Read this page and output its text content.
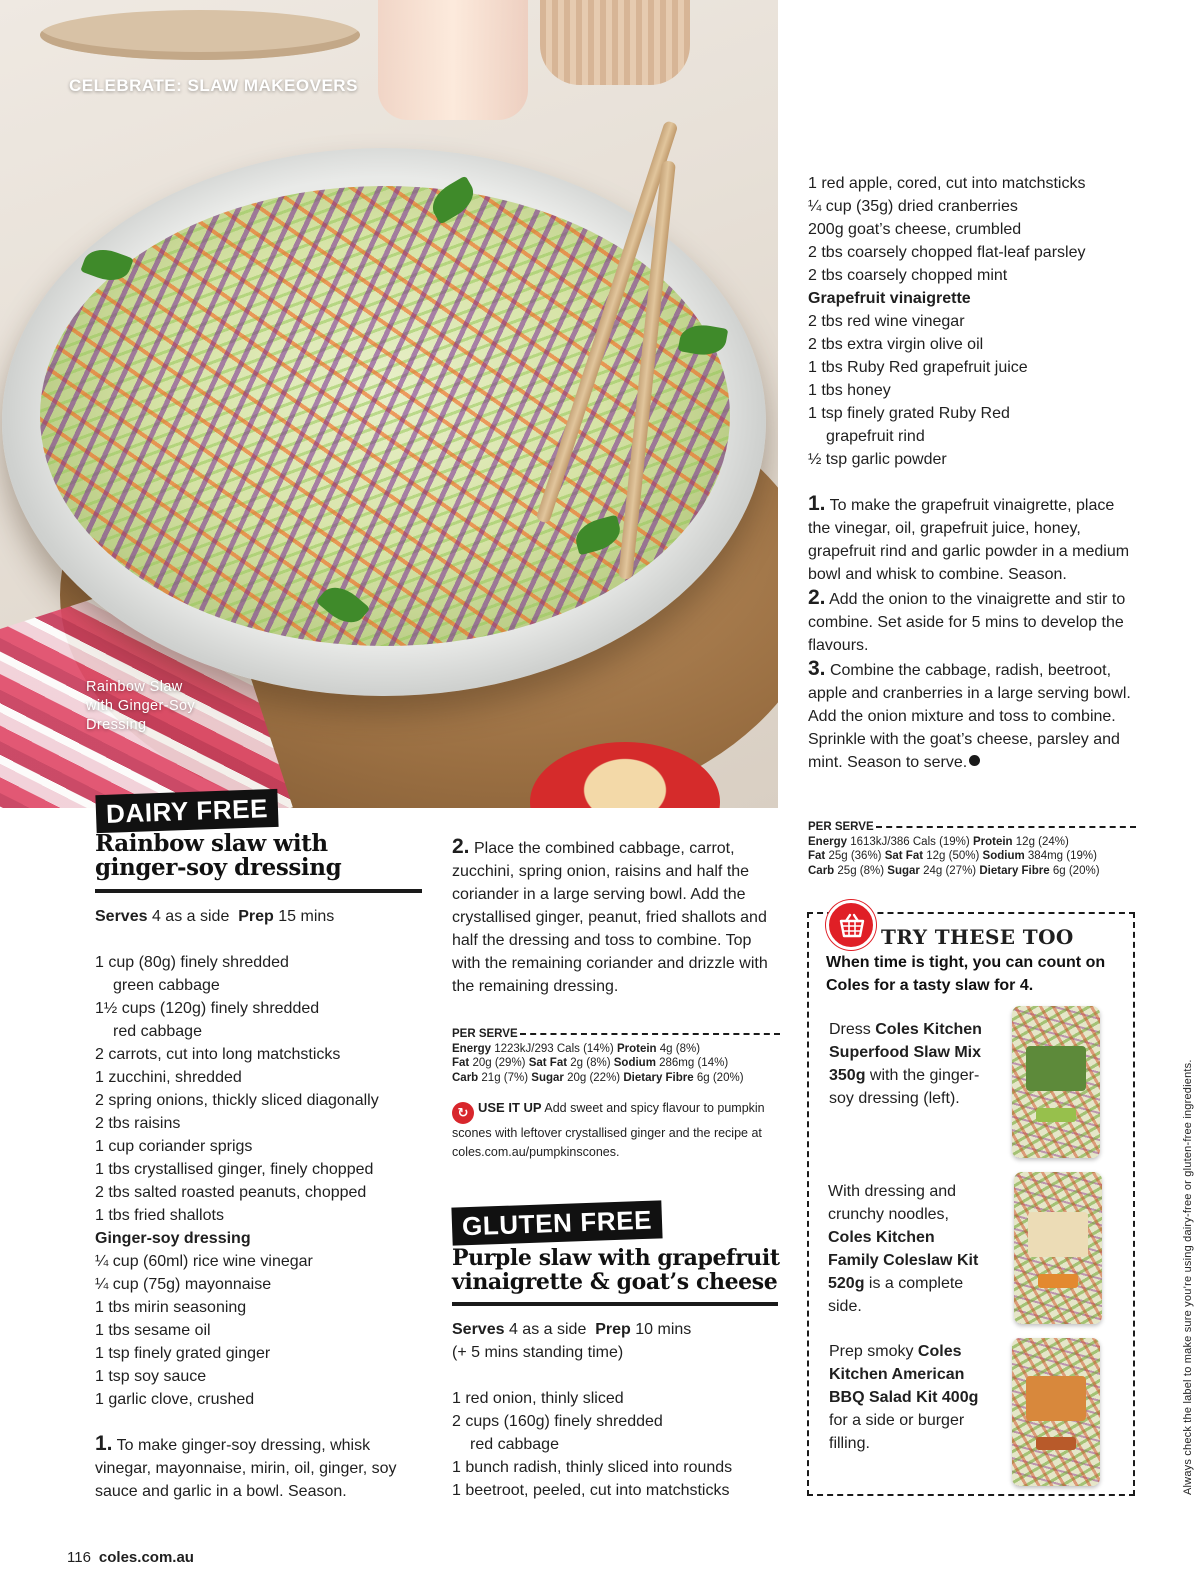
CELEBRATE: SLAW MAKEOVERS
Rainbow Slaw
with Ginger-Soy
Dressing
DAIRY FREE
Rainbow slaw with
ginger-soy dressing
Serves 4 as a side Prep 15 mins
1 cup (80g) finely shredded
green cabbage
1½ cups (120g) finely shredded
red cabbage
2 carrots, cut into long matchsticks
1 zucchini, shredded
2 spring onions, thickly sliced diagonally
2 tbs raisins
1 cup coriander sprigs
1 tbs crystallised ginger, finely chopped
2 tbs salted roasted peanuts, chopped
1 tbs fried shallots
Ginger-soy dressing
¼ cup (60ml) rice wine vinegar
¼ cup (75g) mayonnaise
1 tbs mirin seasoning
1 tbs sesame oil
1 tsp finely grated ginger
1 tsp soy sauce
1 garlic clove, crushed

1. To make ginger-soy dressing, whisk vinegar, mayonnaise, mirin, oil, ginger, soy sauce and garlic in a bowl. Season.

2. Place the combined cabbage, carrot, zucchini, spring onion, raisins and half the coriander in a large serving bowl. Add the crystallised ginger, peanut, fried shallots and half the dressing and toss to combine. Top with the remaining coriander and drizzle with the remaining dressing.

PER SERVE
Energy 1223kJ/293 Cals (14%) Protein 4g (8%)
Fat 20g (29%) Sat Fat 2g (8%) Sodium 286mg (14%)
Carb 21g (7%) Sugar 20g (22%) Dietary Fibre 6g (20%)
↻ USE IT UP Add sweet and spicy flavour to pumpkin scones with leftover crystallised ginger and the recipe at coles.com.au/pumpkinscones.
GLUTEN FREE
Purple slaw with grapefruit
vinaigrette & goat’s cheese
Serves 4 as a side Prep 10 mins
(+ 5 mins standing time)
1 red onion, thinly sliced
2 cups (160g) finely shredded
red cabbage
1 bunch radish, thinly sliced into rounds
1 beetroot, peeled, cut into matchsticks
1 red apple, cored, cut into matchsticks
¼ cup (35g) dried cranberries
200g goat’s cheese, crumbled
2 tbs coarsely chopped flat-leaf parsley
2 tbs coarsely chopped mint
Grapefruit vinaigrette
2 tbs red wine vinegar
2 tbs extra virgin olive oil
1 tbs Ruby Red grapefruit juice
1 tbs honey
1 tsp finely grated Ruby Red
grapefruit rind
½ tsp garlic powder

1. To make the grapefruit vinaigrette, place the vinegar, oil, grapefruit juice, honey, grapefruit rind and garlic powder in a medium bowl and whisk to combine. Season.

2. Add the onion to the vinaigrette and stir to combine. Set aside for 5 mins to develop the flavours.

3. Combine the cabbage, radish, beetroot, apple and cranberries in a large serving bowl. Add the onion mixture and toss to combine. Sprinkle with the goat’s cheese, parsley and mint. Season to serve.

PER SERVE
Energy 1613kJ/386 Cals (19%) Protein 12g (24%)
Fat 25g (36%) Sat Fat 12g (50%) Sodium 384mg (19%)
Carb 25g (8%) Sugar 24g (27%) Dietary Fibre 6g (20%)
TRY THESE TOO
When time is tight, you can count on Coles for a tasty slaw for 4.
Dress Coles Kitchen Superfood Slaw Mix 350g with the ginger-soy dressing (left).
With dressing and crunchy noodles, Coles Kitchen Family Coleslaw Kit 520g is a complete side.
Prep smoky Coles Kitchen American BBQ Salad Kit 400g for a side or burger filling.	Always check the label to make sure you’re using dairy-free or gluten-free ingredients.
116 coles.com.au
